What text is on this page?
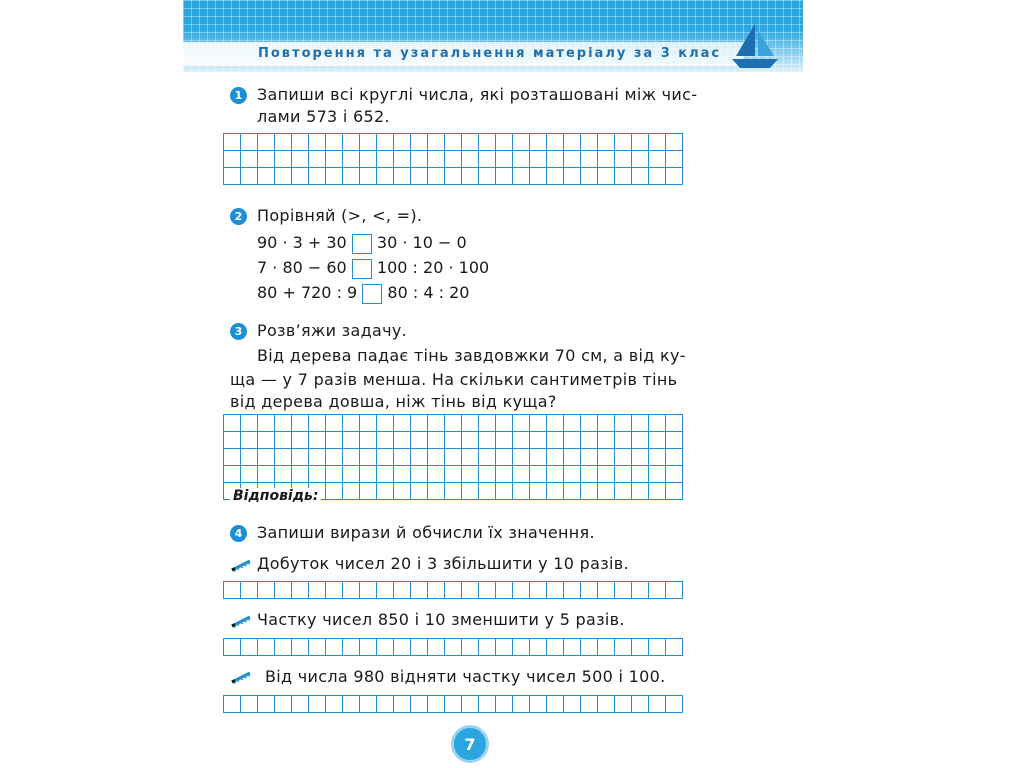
Повторення та узагальнення матеріалу за 3 клас
1 Запиши всі круглі числа, які розташовані між чис-
лами 573 і 652.

2 Порівняй (>, <, =).
90 · 3 + 30 30 · 10 − 0
7 · 80 − 60 100 : 20 · 100
80 + 720 : 9 80 : 4 : 20
3 Розв’яжи задачу.
Від дерева падає тінь завдовжки 70 см, а від ку-
ща — у 7 разів менша. На скільки сантиметрів тінь
від дерева довша, ніж тінь від куща?

Відповідь:
4 Запиши вирази й обчисли їх значення.
Добуток чисел 20 і 3 збільшити у 10 разів.

Частку чисел 850 і 10 зменшити у 5 разів.

Від числа 980 відняти частку чисел 500 і 100.

7
